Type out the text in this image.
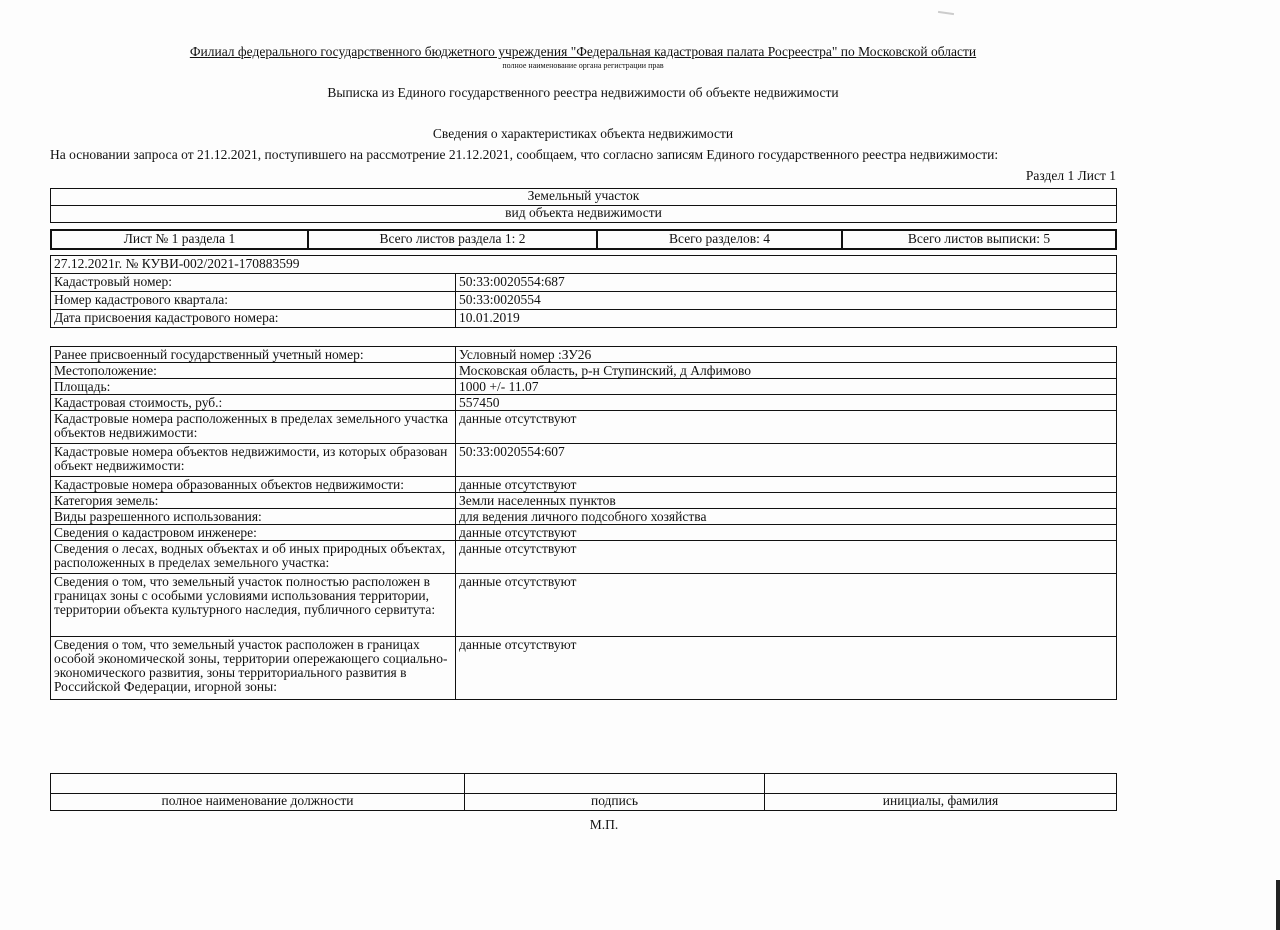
Филиал федерального государственного бюджетного учреждения "Федеральная кадастровая палата Росреестра" по Московской области
полное наименование органа регистрации прав
Выписка из Единого государственного реестра недвижимости об объекте недвижимости
Сведения о характеристиках объекта недвижимости
На основании запроса от 21.12.2021, поступившего на рассмотрение 21.12.2021, сообщаем, что согласно записям Единого государственного реестра недвижимости:
Раздел 1 Лист 1
Земельный участок
вид объекта недвижимости
Лист № 1 раздела 1	Всего листов раздела 1: 2	Всего разделов: 4	Всего листов выписки: 5
27.12.2021г. № КУВИ-002/2021-170883599	
Кадастровый номер:	50:33:0020554:687
Номер кадастрового квартала:	50:33:0020554
Дата присвоения кадастрового номера:	10.01.2019
Ранее присвоенный государственный учетный номер:	Условный номер :ЗУ26
Местоположение:	Московская область, р-н Ступинский, д Алфимово
Площадь:	1000 +/- 11.07
Кадастровая стоимость, руб.:	557450
Кадастровые номера расположенных в пределах земельного участка объектов недвижимости:	данные отсутствуют
Кадастровые номера объектов недвижимости, из которых образован объект недвижимости:	50:33:0020554:607
Кадастровые номера образованных объектов недвижимости:	данные отсутствуют
Категория земель:	Земли населенных пунктов
Виды разрешенного использования:	для ведения личного подсобного хозяйства
Сведения о кадастровом инженере:	данные отсутствуют
Сведения о лесах, водных объектах и об иных природных объектах, расположенных в пределах земельного участка:	данные отсутствуют
Сведения о том, что земельный участок полностью расположен в границах зоны с особыми условиями использования территории, территории объекта культурного наследия, публичного сервитута:	данные отсутствуют
Сведения о том, что земельный участок расположен в границах особой экономической зоны, территории опережающего социально-экономического развития, зоны территориального развития в Российской Федерации, игорной зоны:	данные отсутствуют

полное наименование должности	подпись	инициалы, фамилия
М.П.
